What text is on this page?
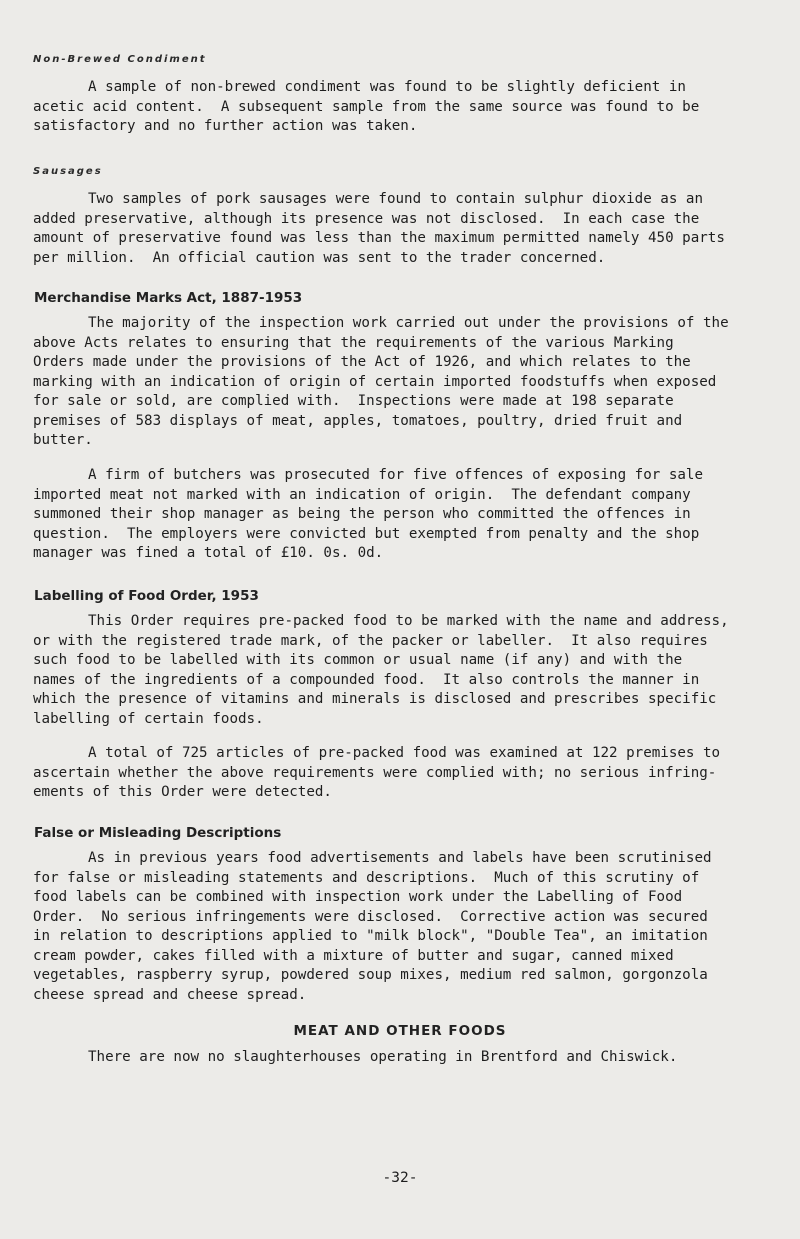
Non-Brewed Condiment
A sample of non-brewed condiment was found to be slightly deficient in
acetic acid content.  A subsequent sample from the same source was found to be
satisfactory and no further action was taken.
Sausages
Two samples of pork sausages were found to contain sulphur dioxide as an
added preservative, although its presence was not disclosed.  In each case the
amount of preservative found was less than the maximum permitted namely 450 parts
per million.  An official caution was sent to the trader concerned.
Merchandise Marks Act, 1887-1953
The majority of the inspection work carried out under the provisions of the
above Acts relates to ensuring that the requirements of the various Marking
Orders made under the provisions of the Act of 1926, and which relates to the
marking with an indication of origin of certain imported foodstuffs when exposed
for sale or sold, are complied with.  Inspections were made at 198 separate
premises of 583 displays of meat, apples, tomatoes, poultry, dried fruit and
butter.
A firm of butchers was prosecuted for five offences of exposing for sale
imported meat not marked with an indication of origin.  The defendant company
summoned their shop manager as being the person who committed the offences in
question.  The employers were convicted but exempted from penalty and the shop
manager was fined a total of £10. 0s. 0d.
Labelling of Food Order, 1953
This Order requires pre-packed food to be marked with the name and address,
or with the registered trade mark, of the packer or labeller.  It also requires
such food to be labelled with its common or usual name (if any) and with the
names of the ingredients of a compounded food.  It also controls the manner in
which the presence of vitamins and minerals is disclosed and prescribes specific
labelling of certain foods.
A total of 725 articles of pre-packed food was examined at 122 premises to
ascertain whether the above requirements were complied with; no serious infring-
ements of this Order were detected.
False or Misleading Descriptions
As in previous years food advertisements and labels have been scrutinised
for false or misleading statements and descriptions.  Much of this scrutiny of
food labels can be combined with inspection work under the Labelling of Food
Order.  No serious infringements were disclosed.  Corrective action was secured
in relation to descriptions applied to "milk block", "Double Tea", an imitation
cream powder, cakes filled with a mixture of butter and sugar, canned mixed
vegetables, raspberry syrup, powdered soup mixes, medium red salmon, gorgonzola
cheese spread and cheese spread.
MEAT AND OTHER FOODS
There are now no slaughterhouses operating in Brentford and Chiswick.
-32-
